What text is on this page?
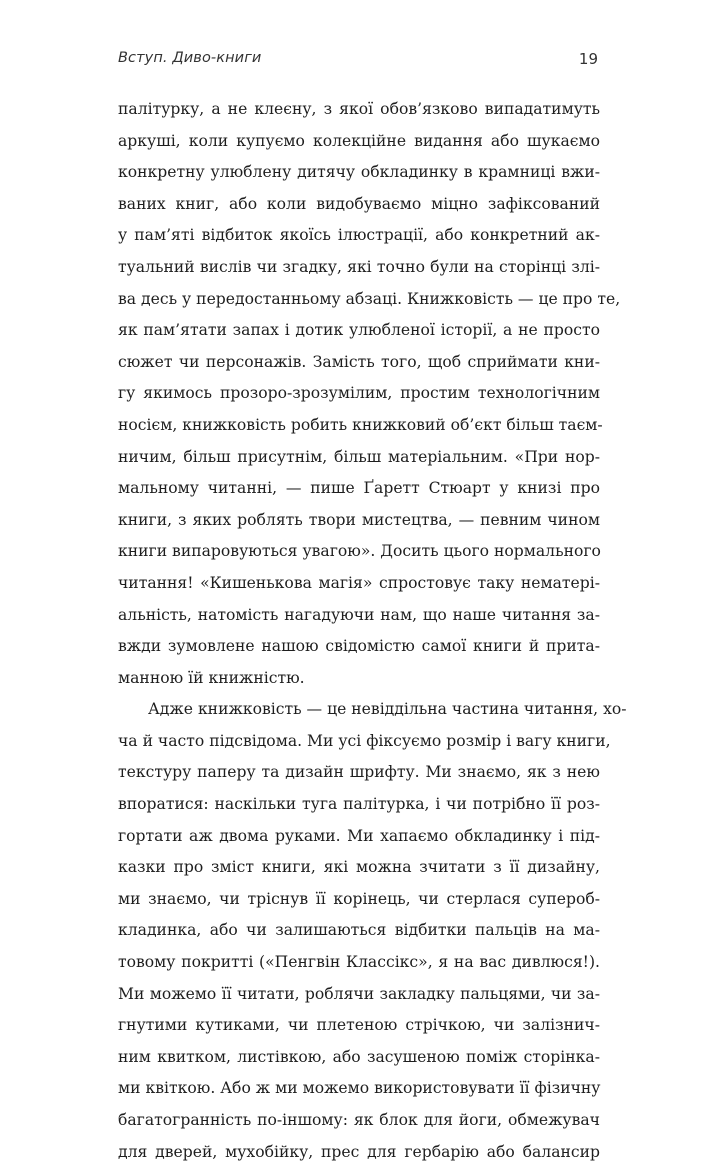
Вступ. Диво-книги	19
палітурку, а не клеєну, з якої обов’язково випадатимуть
аркуші, коли купуємо колекційне видання або шукаємо
конкретну улюблену дитячу обкладинку в крамниці вжи-
ваних книг, або коли видобуваємо міцно зафіксований
у пам’яті відбиток якоїсь ілюстрації, або конкретний ак-
туальний вислів чи згадку, які точно були на сторінці злі-
ва десь у передостанньому абзаці. Книжковість — це про те,
як пам’ятати запах і дотик улюбленої історії, а не просто
сюжет чи персонажів. Замість того, щоб сприймати кни-
гу якимось прозоро-зрозумілим, простим технологічним
носієм, книжковість робить книжковий об’єкт більш таєм-
ничим, більш присутнім, більш матеріальним. «При нор-
мальному читанні, — пише Ґаретт Стюарт у книзі про
книги, з яких роблять твори мистецтва, — певним чином
книги випаровуються увагою». Досить цього нормального
читання! «Кишенькова магія» спростовує таку нематері-
альність, натомість нагадуючи нам, що наше читання за-
вжди зумовлене нашою свідомістю самої книги й прита-
манною їй книжністю.
Адже книжковість — це невіддільна частина читання, хо-
ча й часто підсвідома. Ми усі фіксуємо розмір і вагу книги,
текстуру паперу та дизайн шрифту. Ми знаємо, як з нею
впоратися: наскільки туга палітурка, і чи потрібно її роз-
гортати аж двома руками. Ми хапаємо обкладинку і під-
казки про зміст книги, які можна зчитати з її дизайну,
ми знаємо, чи тріснув її корінець, чи стерлася супероб-
кладинка, або чи залишаються відбитки пальців на ма-
товому покритті («Пенгвін Классікс», я на вас дивлюся!).
Ми можемо її читати, роблячи закладку пальцями, чи за-
гнутими кутиками, чи плетеною стрічкою, чи залізнич-
ним квитком, листівкою, або засушеною поміж сторінка-
ми квіткою. Або ж ми можемо використовувати її фізичну
багатогранність по-іншому: як блок для йоги, обмежувач
для дверей, мухобійку, прес для гербарію або балансир
